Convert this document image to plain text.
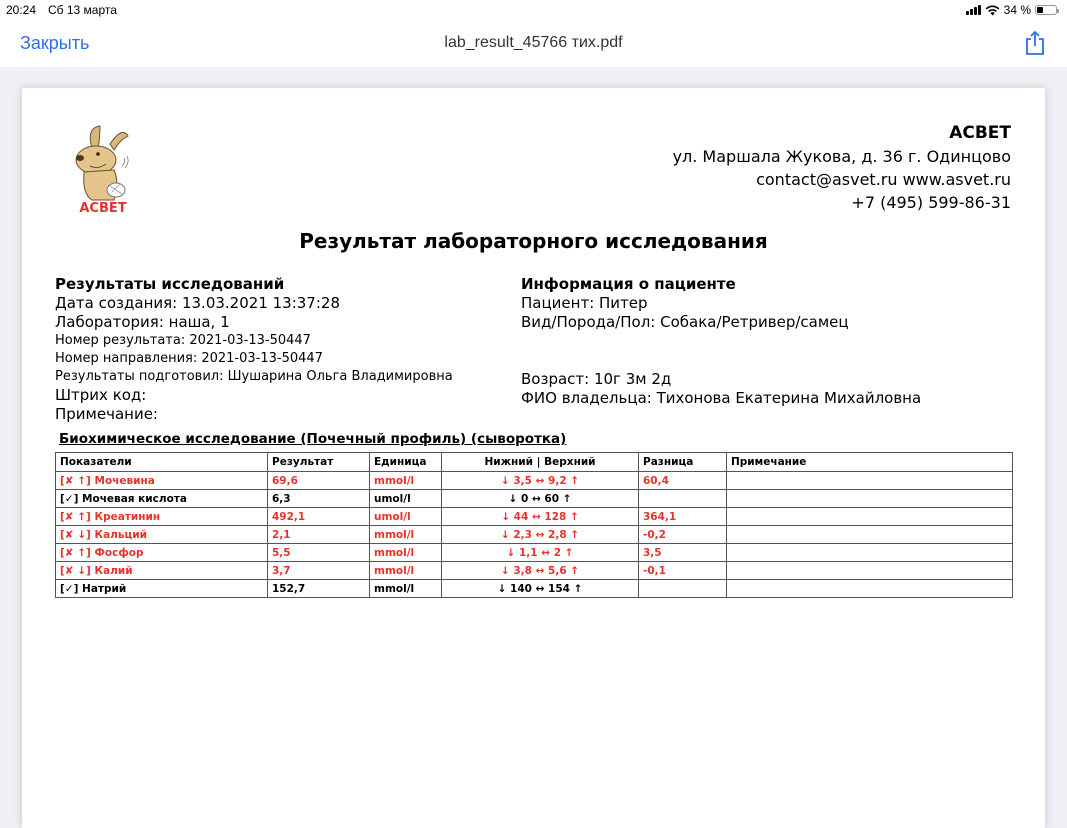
20:24 Сб 13 марта	34 %
Закрыть	lab_result_45766 тих.pdf
АСВЕТ
АСВЕТ
ул. Маршала Жукова, д. 36 г. Одинцово
contact@asvet.ru www.asvet.ru
+7 (495) 599-86-31
Результат лабораторного исследования
Результаты исследований
Дата создания: 13.03.2021 13:37:28
Лаборатория: наша, 1
Номер результата: 2021-03-13-50447
Номер направления: 2021-03-13-50447
Результаты подготовил: Шушарина Ольга Владимировна
Штрих код:
Примечание:
Информация о пациенте
Пациент: Питер
Вид/Порода/Пол: Собака/Ретривер/самец
Возраст: 10г 3м 2д
ФИО владельца: Тихонова Екатерина Михайловна
Биохимическое исследование (Почечный профиль) (сыворотка)
Показатели	Результат	Единица	Нижний | Верхний	Разница	Примечание
[✘ ↑] Мочевина	69,6	mmol/l	↓ 3,5 ↔ 9,2 ↑	60,4	
[✓] Мочевая кислота	6,3	umol/l	↓ 0 ↔ 60 ↑		
[✘ ↑] Креатинин	492,1	umol/l	↓ 44 ↔ 128 ↑	364,1	
[✘ ↓] Кальций	2,1	mmol/l	↓ 2,3 ↔ 2,8 ↑	-0,2	
[✘ ↑] Фосфор	5,5	mmol/l	↓ 1,1 ↔ 2 ↑	3,5	
[✘ ↓] Калий	3,7	mmol/l	↓ 3,8 ↔ 5,6 ↑	-0,1	
[✓] Натрий	152,7	mmol/l	↓ 140 ↔ 154 ↑		
